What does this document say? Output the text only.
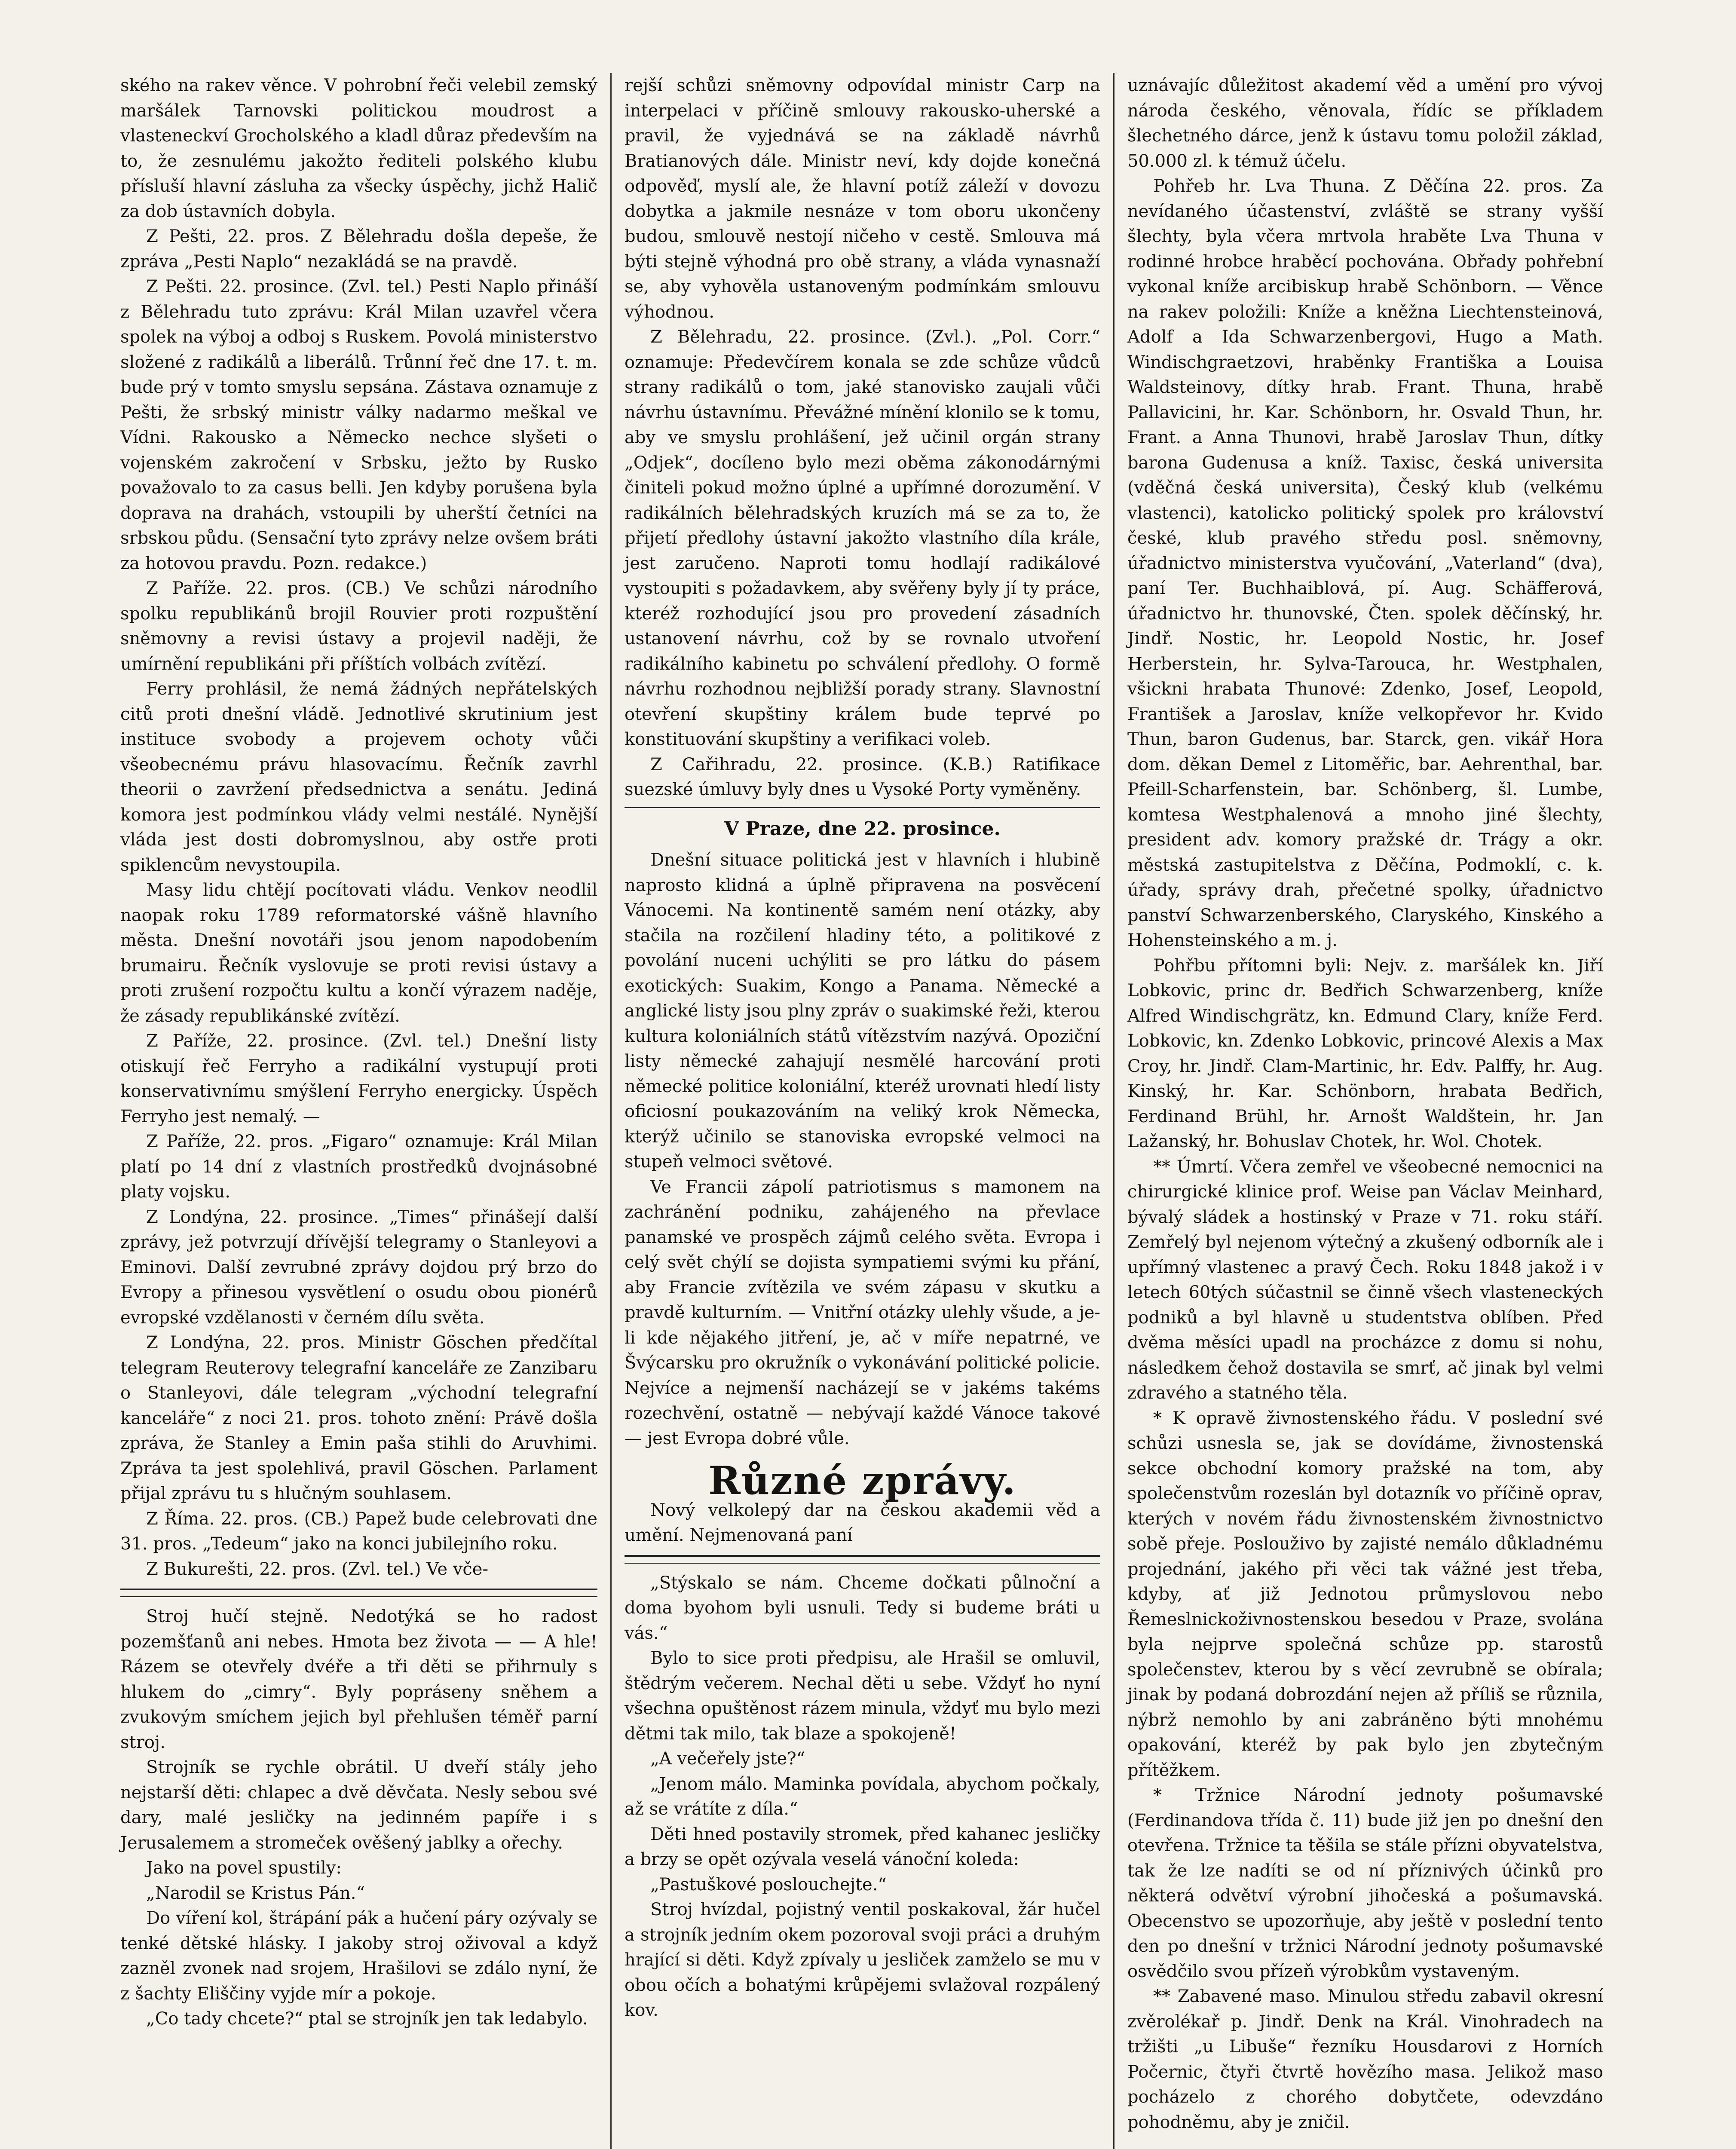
ského na rakev věnce. V pohrobní řeči velebil zemský maršálek Tarnovski politickou moudrost a vlasteneckví Grocholského a kladl důraz především na to, že zesnulému jakožto řediteli polského klubu přísluší hlavní zásluha za všecky úspěchy, jichž Halič za dob ústavních dobyla.

Z Pešti, 22. pros. Z Bělehradu došla depeše, že zpráva „Pesti Naplo“ nezakládá se na pravdě.

Z Pešti. 22. prosince. (Zvl. tel.) Pesti Naplo přináší z Bělehradu tuto zprávu: Král Milan uzavřel včera spolek na výboj a odboj s Ruskem. Povolá ministerstvo složené z radikálů a liberálů. Trůnní řeč dne 17. t. m. bude prý v tomto smyslu sepsána. Zástava oznamuje z Pešti, že srbský ministr války nadarmo meškal ve Vídni. Rakousko a Německo nechce slyšeti o vojenském zakročení v Srbsku, ježto by Rusko považovalo to za casus belli. Jen kdyby porušena byla doprava na drahách, vstoupili by uherští četníci na srbskou půdu. (Sensační tyto zprávy nelze ovšem bráti za hotovou pravdu. Pozn. redakce.)

Z Paříže. 22. pros. (CB.) Ve schůzi národního spolku republikánů brojil Rouvier proti rozpuštění sněmovny a revisi ústavy a projevil naději, že umírnění republikáni při příštích volbách zvítězí.

Ferry prohlásil, že nemá žádných nepřátelských citů proti dnešní vládě. Jednotlivé skrutinium jest instituce svobody a projevem ochoty vůči všeobecnému právu hlasovacímu. Řečník zavrhl theorii o zavržení předsednictva a senátu. Jediná komora jest podmínkou vlády velmi nestálé. Nynější vláda jest dosti dobromyslnou, aby ostře proti spiklencům nevystoupila.

Masy lidu chtějí pocítovati vládu. Venkov neodlil naopak roku 1789 reformatorské vášně hlavního města. Dnešní novotáři jsou jenom napodobením brumairu. Řečník vyslovuje se proti revisi ústavy a proti zrušení rozpočtu kultu a končí výrazem naděje, že zásady republikánské zvítězí.

Z Paříže, 22. prosince. (Zvl. tel.) Dnešní listy otiskují řeč Ferryho a radikální vystupují proti konservativnímu smýšlení Ferryho energicky. Úspěch Ferryho jest nemalý. —

Z Paříže, 22. pros. „Figaro“ oznamuje: Král Milan platí po 14 dní z vlastních prostředků dvojnásobné platy vojsku.

Z Londýna, 22. prosince. „Times“ přinášejí další zprávy, jež potvrzují dřívější telegramy o Stanleyovi a Eminovi. Další zevrubné zprávy dojdou prý brzo do Evropy a přinesou vysvětlení o osudu obou pionérů evropské vzdělanosti v černém dílu světa.

Z Londýna, 22. pros. Ministr Göschen předčítal telegram Reuterovy telegrafní kanceláře ze Zanzibaru o Stanleyovi, dále telegram „východní telegrafní kanceláře“ z noci 21. pros. tohoto znění: Právě došla zpráva, že Stanley a Emin paša stihli do Aruvhimi. Zpráva ta jest spolehlivá, pravil Göschen. Parlament přijal zprávu tu s hlučným souhlasem.

Z Říma. 22. pros. (CB.) Papež bude celebrovati dne 31. pros. „Tedeum“ jako na konci jubilejního roku.

Z Bukurešti, 22. pros. (Zvl. tel.) Ve vče-

Stroj hučí stejně. Nedotýká se ho radost pozemšťanů ani nebes. Hmota bez života — — A hle! Rázem se otevřely dvéře a tři děti se přihrnuly s hlukem do „cimry“. Byly popráseny sněhem a zvukovým smíchem jejich byl přehlušen téměř parní stroj.

Strojník se rychle obrátil. U dveří stály jeho nejstarší děti: chlapec a dvě děvčata. Nesly sebou své dary, malé jesličky na jedinném papíře i s Jerusalemem a stromeček ověšený jablky a ořechy.

Jako na povel spustily:

„Narodil se Kristus Pán.“

Do víření kol, štrápání pák a hučení páry ozývaly se tenké dětské hlásky. I jakoby stroj oživoval a když zazněl zvonek nad srojem, Hrašilovi se zdálo nyní, že z šachty Eliščiny vyjde mír a pokoje.

„Co tady chcete?“ ptal se strojník jen tak ledabylo.

rejší schůzi sněmovny odpovídal ministr Carp na interpelaci v příčině smlouvy rakousko-uherské a pravil, že vyjednává se na základě návrhů Bratianových dále. Ministr neví, kdy dojde konečná odpověď, myslí ale, že hlavní potíž záleží v dovozu dobytka a jakmile nesnáze v tom oboru ukončeny budou, smlouvě nestojí ničeho v cestě. Smlouva má býti stejně výhodná pro obě strany, a vláda vynasnaží se, aby vyhověla ustanoveným podmínkám smlouvu výhodnou.

Z Bělehradu, 22. prosince. (Zvl.). „Pol. Corr.“ oznamuje: Předevčírem konala se zde schůze vůdců strany radikálů o tom, jaké stanovisko zaujali vůči návrhu ústavnímu. Převážné mínění klonilo se k tomu, aby ve smyslu prohlášení, jež učinil orgán strany „Odjek“, docíleno bylo mezi oběma zákonodárnými činiteli pokud možno úplné a upřímné dorozumění. V radikálních bělehradských kruzích má se za to, že přijetí předlohy ústavní jakožto vlastního díla krále, jest zaručeno. Naproti tomu hodlají radikálové vystoupiti s požadavkem, aby svěřeny byly jí ty práce, kteréž rozhodující jsou pro provedení zásadních ustanovení návrhu, což by se rovnalo utvoření radikálního kabinetu po schválení předlohy. O formě návrhu rozhodnou nejbližší porady strany. Slavnostní otevření skupštiny králem bude teprvé po konstituování skupštiny a verifikaci voleb.

Z Cařihradu, 22. prosince. (K.B.) Ratifikace suezské úmluvy byly dnes u Vysoké Porty vyměněny.

V Praze, dne 22. prosince.

Dnešní situace politická jest v hlavních i hlubině naprosto klidná a úplně připravena na posvěcení Vánocemi. Na kontinentě samém není otázky, aby stačila na rozčilení hladiny této, a politikové z povolání nuceni uchýliti se pro látku do pásem exotických: Suakim, Kongo a Panama. Německé a anglické listy jsou plny zpráv o suakimské řeži, kterou kultura koloniálních států vítězstvím nazývá. Opoziční listy německé zahajují nesmělé harcování proti německé politice koloniální, kteréž urovnati hledí listy oficiosní poukazováním na veliký krok Německa, kterýž učinilo se stanoviska evropské velmoci na stupeň velmoci světové.

Ve Francii zápolí patriotismus s mamonem na zachránění podniku, zahájeného na převlace panamské ve prospěch zájmů celého světa. Evropa i celý svět chýlí se dojista sympatiemi svými ku přání, aby Francie zvítězila ve svém zápasu v skutku a pravdě kulturním. — Vnitřní otázky ulehly všude, a je-li kde nějakého jitření, je, ač v míře nepatrné, ve Švýcarsku pro okružník o vykonávání politické policie. Nejvíce a nejmenší nacházejí se v jakéms takéms rozechvění, ostatně — nebývají každé Vánoce takové — jest Evropa dobré vůle.

Různé zprávy.

Nový velkolepý dar na českou akademii věd a umění. Nejmenovaná paní

„Stýskalo se nám. Chceme dočkati půlnoční a doma byohom byli usnuli. Tedy si budeme bráti u vás.“

Bylo to sice proti předpisu, ale Hrašil se omluvil, štědrým večerem. Nechal děti u sebe. Vždyť ho nyní všechna opuštěnost rázem minula, vždyť mu bylo mezi dětmi tak milo, tak blaze a spokojeně!

„A večeřely jste?“

„Jenom málo. Maminka povídala, abychom počkaly, až se vrátíte z díla.“

Děti hned postavily stromek, před kahanec jesličky a brzy se opět ozývala veselá vánoční koleda:

„Pastuškové poslouchejte.“

Stroj hvízdal, pojistný ventil poskakoval, žár hučel a strojník jedním okem pozoroval svoji práci a druhým hrající si děti. Když zpívaly u jesliček zamželo se mu v obou očích a bohatými krůpějemi svlažoval rozpálený kov.

uznávajíc důležitost akademí věd a umění pro vývoj národa českého, věnovala, řídíc se příkladem šlechetného dárce, jenž k ústavu tomu položil základ, 50.000 zl. k témuž účelu.

Pohřeb hr. Lva Thuna. Z Děčína 22. pros. Za nevídaného účastenství, zvláště se strany vyšší šlechty, byla včera mrtvola hraběte Lva Thuna v rodinné hrobce hraběcí pochována. Obřady pohřební vykonal kníže arcibiskup hrabě Schönborn. — Věnce na rakev položili: Kníže a kněžna Liechtensteinová, Adolf a Ida Schwarzenbergovi, Hugo a Math. Windischgraetzovi, hraběnky Františka a Louisa Waldsteinovy, dítky hrab. Frant. Thuna, hrabě Pallavicini, hr. Kar. Schönborn, hr. Osvald Thun, hr. Frant. a Anna Thunovi, hrabě Jaroslav Thun, dítky barona Gudenusa a kníž. Taxisc, česká universita (vděčná česká universita), Český klub (velkému vlastenci), katolicko politický spolek pro království české, klub pravého středu posl. sněmovny, úřadnictvo ministerstva vyučování, „Vaterland“ (dva), paní Ter. Buchhaiblová, pí. Aug. Schäfferová, úřadnictvo hr. thunovské, Čten. spolek děčínský, hr. Jindř. Nostic, hr. Leopold Nostic, hr. Josef Herberstein, hr. Sylva-Tarouca, hr. Westphalen, všickni hrabata Thunové: Zdenko, Josef, Leopold, František a Jaroslav, kníže velkopřevor hr. Kvido Thun, baron Gudenus, bar. Starck, gen. vikář Hora dom. děkan Demel z Litoměřic, bar. Aehrenthal, bar. Pfeill-Scharfenstein, bar. Schönberg, šl. Lumbe, komtesa Westphalenová a mnoho jiné šlechty, president adv. komory pražské dr. Trágy a okr. městská zastupitelstva z Děčína, Podmoklí, c. k. úřady, správy drah, přečetné spolky, úřadnictvo panství Schwarzenberského, Claryského, Kinského a Hohensteinského a m. j.

Pohřbu přítomni byli: Nejv. z. maršálek kn. Jiří Lobkovic, princ dr. Bedřich Schwarzenberg, kníže Alfred Windischgrätz, kn. Edmund Clary, kníže Ferd. Lobkovic, kn. Zdenko Lobkovic, princové Alexis a Max Croy, hr. Jindř. Clam-Martinic, hr. Edv. Palffy, hr. Aug. Kinský, hr. Kar. Schönborn, hrabata Bedřich, Ferdinand Brühl, hr. Arnošt Waldštein, hr. Jan Lažanský, hr. Bohuslav Chotek, hr. Wol. Chotek.

** Úmrtí. Včera zemřel ve všeobecné nemocnici na chirurgické klinice prof. Weise pan Václav Meinhard, bývalý sládek a hostinský v Praze v 71. roku stáří. Zemřelý byl nejenom výtečný a zkušený odborník ale i upřímný vlastenec a pravý Čech. Roku 1848 jakož i v letech 60tých súčastnil se činně všech vlasteneckých podniků a byl hlavně u studentstva oblíben. Před dvěma měsíci upadl na procházce z domu si nohu, následkem čehož dostavila se smrť, ač jinak byl velmi zdravého a statného těla.

* K opravě živnostenského řádu. V poslední své schůzi usnesla se, jak se dovídáme, živnostenská sekce obchodní komory pražské na tom, aby společenstvům rozeslán byl dotazník vo příčině oprav, kterých v novém řádu živnostenském živnostnictvo sobě přeje. Poslouživo by zajisté nemálo důkladnému projednání, jakého při věci tak vážné jest třeba, kdyby, ať již Jednotou průmyslovou nebo Řemeslnickoživnostenskou besedou v Praze, svolána byla nejprve společná schůze pp. starostů společenstev, kterou by s věcí zevrubně se obírala; jinak by podaná dobrozdání nejen až příliš se různila, nýbrž nemohlo by ani zabráněno býti mnohému opakování, kteréž by pak bylo jen zbytečným přítěžkem.

* Tržnice Národní jednoty pošumavské (Ferdinandova třída č. 11) bude již jen po dnešní den otevřena. Tržnice ta těšila se stále přízni obyvatelstva, tak že lze nadíti se od ní příznivých účinků pro některá odvětví výrobní jihočeská a pošumavská. Obecenstvo se upozorňuje, aby ještě v poslední tento den po dnešní v tržnici Národní jednoty pošumavské osvědčilo svou přízeň výrobkům vystaveným.

** Zabavené maso. Minulou středu zabavil okresní zvěrolékař p. Jindř. Denk na Král. Vinohradech na tržišti „u Libuše“ řezníku Housdarovi z Horních Počernic, čtyři čtvrtě hovězího masa. Jelikož maso pocházelo z chorého dobytčete, odevzdáno pohodněmu, aby je zničil.
